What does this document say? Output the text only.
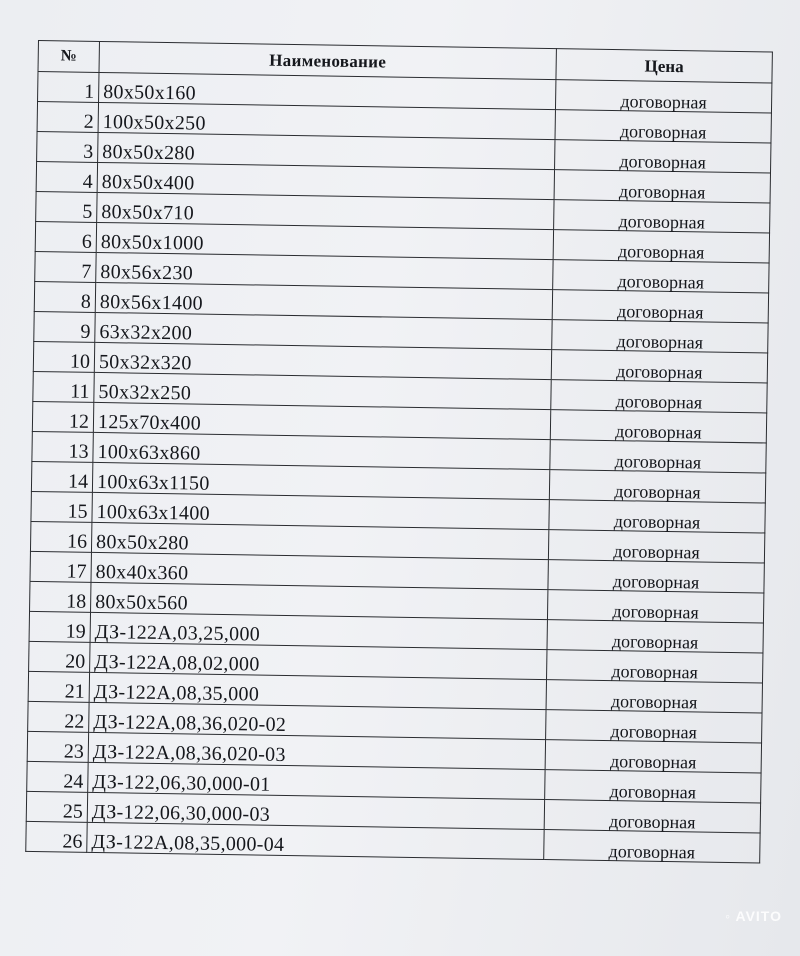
№	Наименование	Цена
1	80x50x160	договорная
2	100x50x250	договорная
3	80x50x280	договорная
4	80x50x400	договорная
5	80x50x710	договорная
6	80x50x1000	договорная
7	80x56x230	договорная
8	80x56x1400	договорная
9	63x32x200	договорная
10	50x32x320	договорная
11	50x32x250	договорная
12	125x70x400	договорная
13	100x63x860	договорная
14	100x63x1150	договорная
15	100x63x1400	договорная
16	80x50x280	договорная
17	80x40x360	договорная
18	80x50x560	договорная
19	ДЗ-122А,03,25,000	договорная
20	ДЗ-122А,08,02,000	договорная
21	ДЗ-122А,08,35,000	договорная
22	ДЗ-122А,08,36,020-02	договорная
23	ДЗ-122А,08,36,020-03	договорная
24	ДЗ-122,06,30,000-01	договорная
25	ДЗ-122,06,30,000-03	договорная
26	ДЗ-122А,08,35,000-04	договорная
◦ AVITO
